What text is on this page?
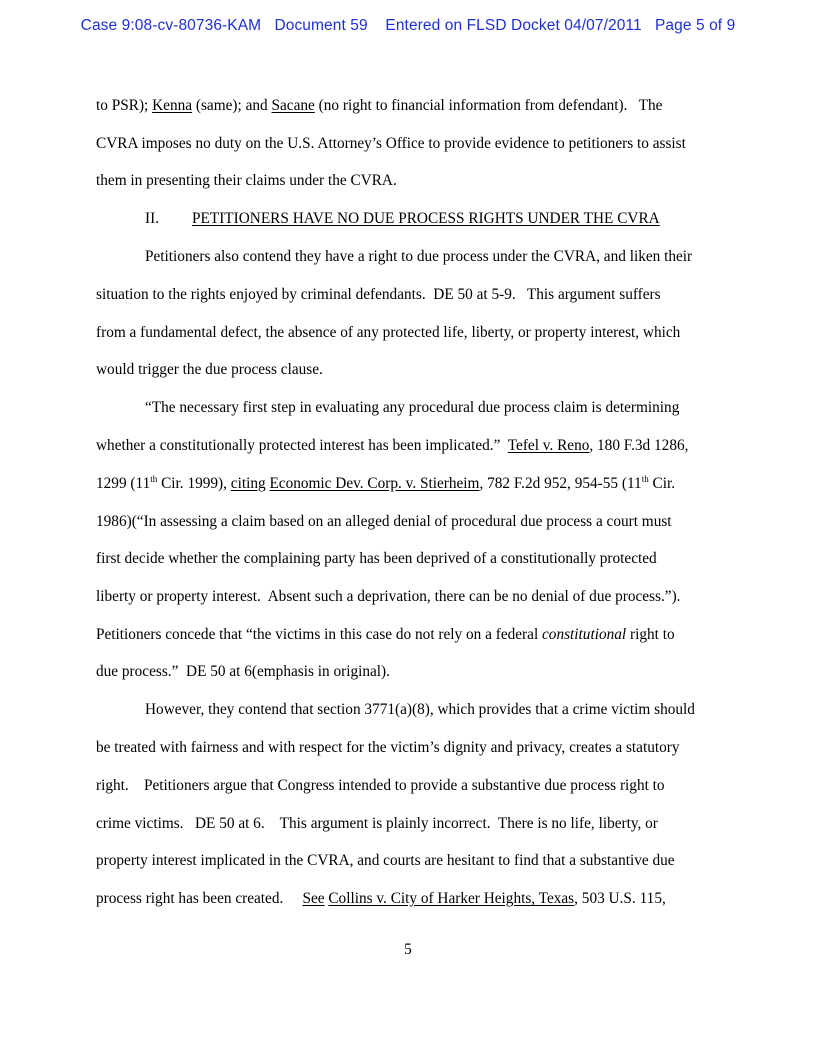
Case 9:08-cv-80736-KAM Document 59 Entered on FLSD Docket 04/07/2011 Page 5 of 9
to PSR); Kenna (same); and Sacane (no right to financial information from defendant).   The
CVRA imposes no duty on the U.S. Attorney’s Office to provide evidence to petitioners to assist
them in presenting their claims under the CVRA.
II. PETITIONERS HAVE NO DUE PROCESS RIGHTS UNDER THE CVRA
Petitioners also contend they have a right to due process under the CVRA, and liken their
situation to the rights enjoyed by criminal defendants.  DE 50 at 5-9.   This argument suffers
from a fundamental defect, the absence of any protected life, liberty, or property interest, which
would trigger the due process clause.
“The necessary first step in evaluating any procedural due process claim is determining
whether a constitutionally protected interest has been implicated.”  Tefel v. Reno, 180 F.3d 1286,
1299 (11th Cir. 1999), citing Economic Dev. Corp. v. Stierheim, 782 F.2d 952, 954-55 (11th Cir.
1986)(“In assessing a claim based on an alleged denial of procedural due process a court must
first decide whether the complaining party has been deprived of a constitutionally protected
liberty or property interest.  Absent such a deprivation, there can be no denial of due process.”).
Petitioners concede that “the victims in this case do not rely on a federal constitutional right to
due process.”  DE 50 at 6(emphasis in original).
However, they contend that section 3771(a)(8), which provides that a crime victim should
be treated with fairness and with respect for the victim’s dignity and privacy, creates a statutory
right.    Petitioners argue that Congress intended to provide a substantive due process right to
crime victims.   DE 50 at 6.    This argument is plainly incorrect.  There is no life, liberty, or
property interest implicated in the CVRA, and courts are hesitant to find that a substantive due
process right has been created.     See Collins v. City of Harker Heights, Texas, 503 U.S. 115,
5
